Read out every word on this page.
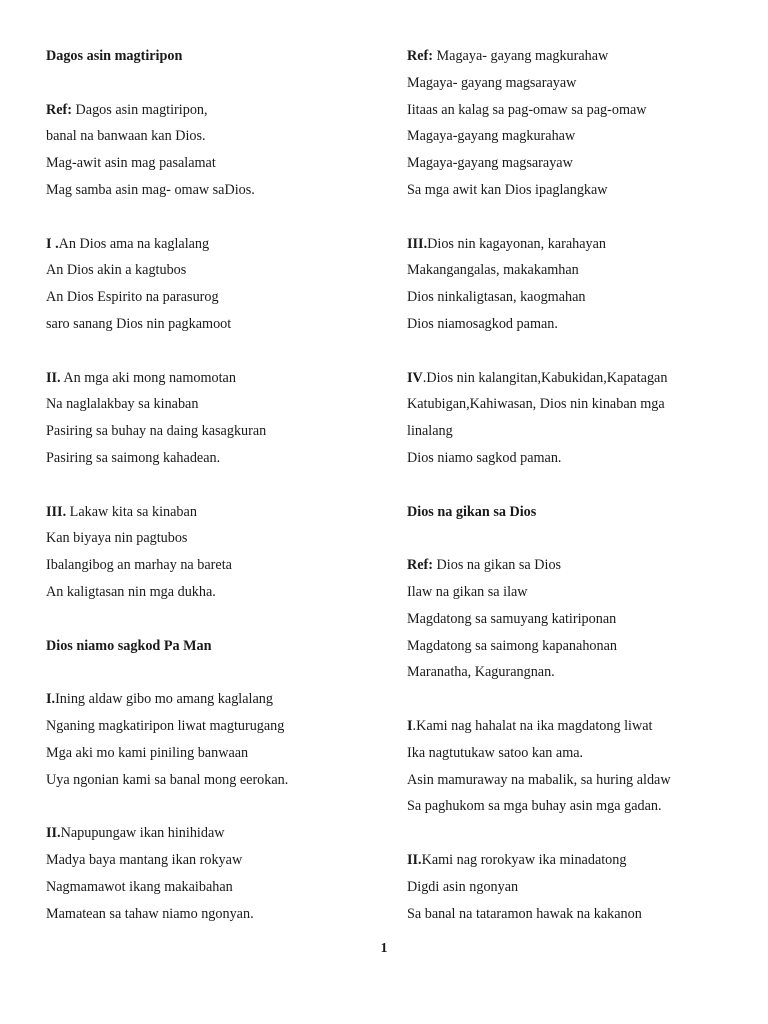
Dagos asin magtiripon
Ref: Dagos asin magtiripon,
banal na banwaan kan Dios.
Mag-awit asin mag pasalamat
Mag samba asin mag- omaw saDios.
I .An Dios ama na kaglalang
An Dios akin a kagtubos
An Dios Espirito na parasurog
saro sanang Dios nin pagkamoot
II. An mga aki mong namomotan
Na naglalakbay sa kinaban
Pasiring sa buhay na daing kasagkuran
Pasiring sa saimong kahadean.
III. Lakaw kita sa kinaban
Kan biyaya nin pagtubos
Ibalangibog an marhay na bareta
An kaligtasan nin mga dukha.
Dios niamo sagkod Pa Man
I.Ining aldaw gibo mo amang kaglalang
Nganing magkatiripon liwat magturugang
Mga aki mo kami piniling banwaan
Uya ngonian kami sa banal mong eerokan.
II.Napupungaw ikan hinihidaw
Madya baya mantang ikan rokyaw
Nagmamawot ikang makaibahan
Mamatean sa tahaw niamo ngonyan.
Ref: Magaya- gayang magkurahaw
Magaya- gayang magsarayaw
Iitaas an kalag sa pag-omaw sa pag-omaw
Magaya-gayang magkurahaw
Magaya-gayang magsarayaw
Sa mga awit kan Dios ipaglangkaw
III.Dios nin kagayonan, karahayan
Makangangalas, makakamhan
Dios ninkaligtasan, kaogmahan
Dios niamosagkod paman.
IV.Dios nin kalangitan,Kabukidan,Kapatagan
Katubigan,Kahiwasan, Dios nin kinaban mga
linalang
Dios niamo sagkod paman.
Dios na gikan sa Dios
Ref: Dios na gikan sa Dios
Ilaw na gikan sa ilaw
Magdatong sa samuyang katiriponan
Magdatong sa saimong kapanahonan
Maranatha, Kagurangnan.
I.Kami nag hahalat na ika magdatong liwat
Ika nagtutukaw satoo kan ama.
Asin mamuraway na mabalik, sa huring aldaw
Sa paghukom sa mga buhay asin mga gadan.
II.Kami nag rorokyaw ika minadatong
Digdi asin ngonyan
Sa banal na tataramon hawak na kakanon
1
